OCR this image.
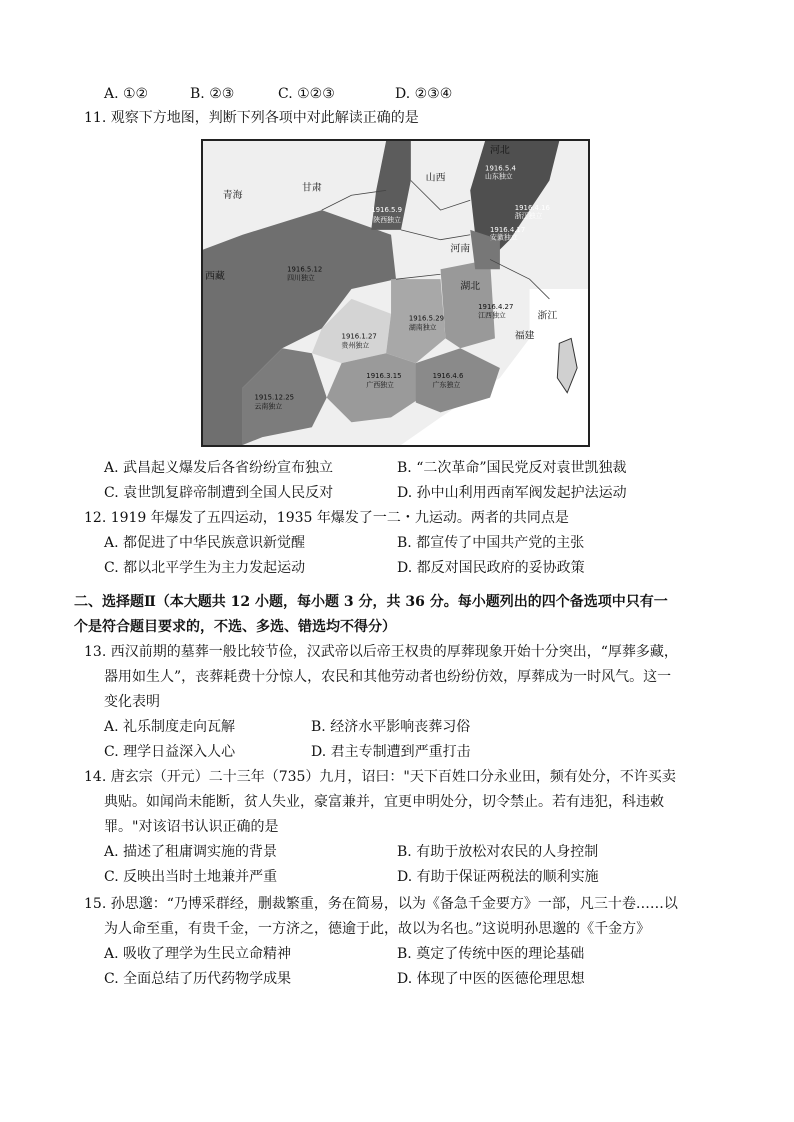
A. ①②	B. ②③	C. ①②③	D. ②③④
11. 观察下方地图，判断下列各项中对此解读正确的是
河北
山西
甘肃
青海
河南
湖北
西藏
浙江
福建
1916.5.9
陕西独立
1916.5.12
四川独立
1916.5.29
湖南独立
1916.1.27
贵州独立
1915.12.25
云南独立
1916.3.15
广西独立
1916.4.6
广东独立
1916.4.27
江西独立
1916.4.16
浙江独立
1916.4.17
安徽独立
1916.5.4
山东独立
A. 武昌起义爆发后各省纷纷宣布独立	B. “二次革命”国民党反对袁世凯独裁
C. 袁世凯复辟帝制遭到全国人民反对	D. 孙中山利用西南军阀发起护法运动
12. 1919 年爆发了五四运动，1935 年爆发了一二・九运动。两者的共同点是
A. 都促进了中华民族意识新觉醒	B. 都宣传了中国共产党的主张
C. 都以北平学生为主力发起运动	D. 都反对国民政府的妥协政策
二、选择题Ⅱ（本大题共 12 小题，每小题 3 分，共 36 分。每小题列出的四个备选项中只有一
个是符合题目要求的，不选、多选、错选均不得分）
13. 西汉前期的墓葬一般比较节俭，汉武帝以后帝王权贵的厚葬现象开始十分突出，“厚葬多藏，
器用如生人”，丧葬耗费十分惊人，农民和其他劳动者也纷纷仿效，厚葬成为一时风气。这一
变化表明
A. 礼乐制度走向瓦解	B. 经济水平影响丧葬习俗
C. 理学日益深入人心	D. 君主专制遭到严重打击
14. 唐玄宗（开元）二十三年（735）九月，诏曰："天下百姓口分永业田，频有处分，不许买卖
典贴。如闻尚未能断，贫人失业，豪富兼并，宜更申明处分，切令禁止。若有违犯，科违敕
罪。"对该诏书认识正确的是
A. 描述了租庸调实施的背景	B. 有助于放松对农民的人身控制
C. 反映出当时土地兼并严重	D. 有助于保证两税法的顺利实施
15. 孙思邈：“乃博采群经，删裁繁重，务在简易，以为《备急千金要方》一部，凡三十卷……以
为人命至重，有贵千金，一方济之，德逾于此，故以为名也。”这说明孙思邈的《千金方》
A. 吸收了理学为生民立命精神	B. 奠定了传统中医的理论基础
C. 全面总结了历代药物学成果	D. 体现了中医的医德伦理思想
